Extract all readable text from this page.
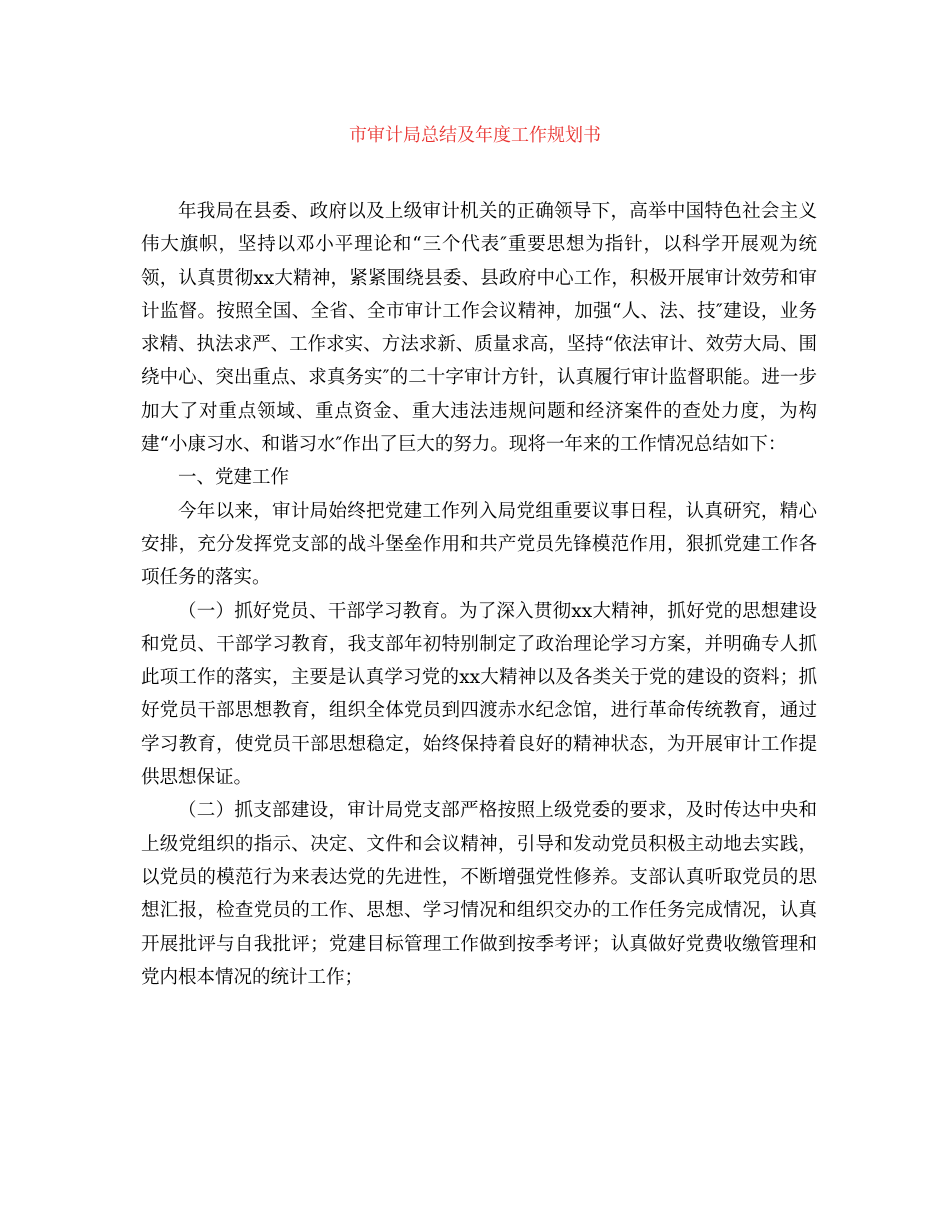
市审计局总结及年度工作规划书

年我局在县委、政府以及上级审计机关的正确领导下，高举中国特色社会主义伟大旗帜，坚持以邓小平理论和“三个代表″重要思想为指针，以科学开展观为统领，认真贯彻xx大精神，紧紧围绕县委、县政府中心工作，积极开展审计效劳和审计监督。按照全国、全省、全市审计工作会议精神，加强“人、法、技″建设，业务求精、执法求严、工作求实、方法求新、质量求高，坚持“依法审计、效劳大局、围绕中心、突出重点、求真务实″的二十字审计方针，认真履行审计监督职能。进一步加大了对重点领域、重点资金、重大违法违规问题和经济案件的查处力度，为构建“小康习水、和谐习水″作出了巨大的努力。现将一年来的工作情况总结如下：

一、党建工作

今年以来，审计局始终把党建工作列入局党组重要议事日程，认真研究，精心安排，充分发挥党支部的战斗堡垒作用和共产党员先锋模范作用，狠抓党建工作各项任务的落实。

（一）抓好党员、干部学习教育。为了深入贯彻xx大精神，抓好党的思想建设和党员、干部学习教育，我支部年初特别制定了政治理论学习方案，并明确专人抓此项工作的落实，主要是认真学习党的xx大精神以及各类关于党的建设的资料；抓好党员干部思想教育，组织全体党员到四渡赤水纪念馆，进行革命传统教育，通过学习教育，使党员干部思想稳定，始终保持着良好的精神状态，为开展审计工作提供思想保证。

（二）抓支部建设，审计局党支部严格按照上级党委的要求，及时传达中央和上级党组织的指示、决定、文件和会议精神，引导和发动党员积极主动地去实践，以党员的模范行为来表达党的先进性，不断增强党性修养。支部认真听取党员的思想汇报，检查党员的工作、思想、学习情况和组织交办的工作任务完成情况，认真开展批评与自我批评；党建目标管理工作做到按季考评；认真做好党费收缴管理和党内根本情况的统计工作；
